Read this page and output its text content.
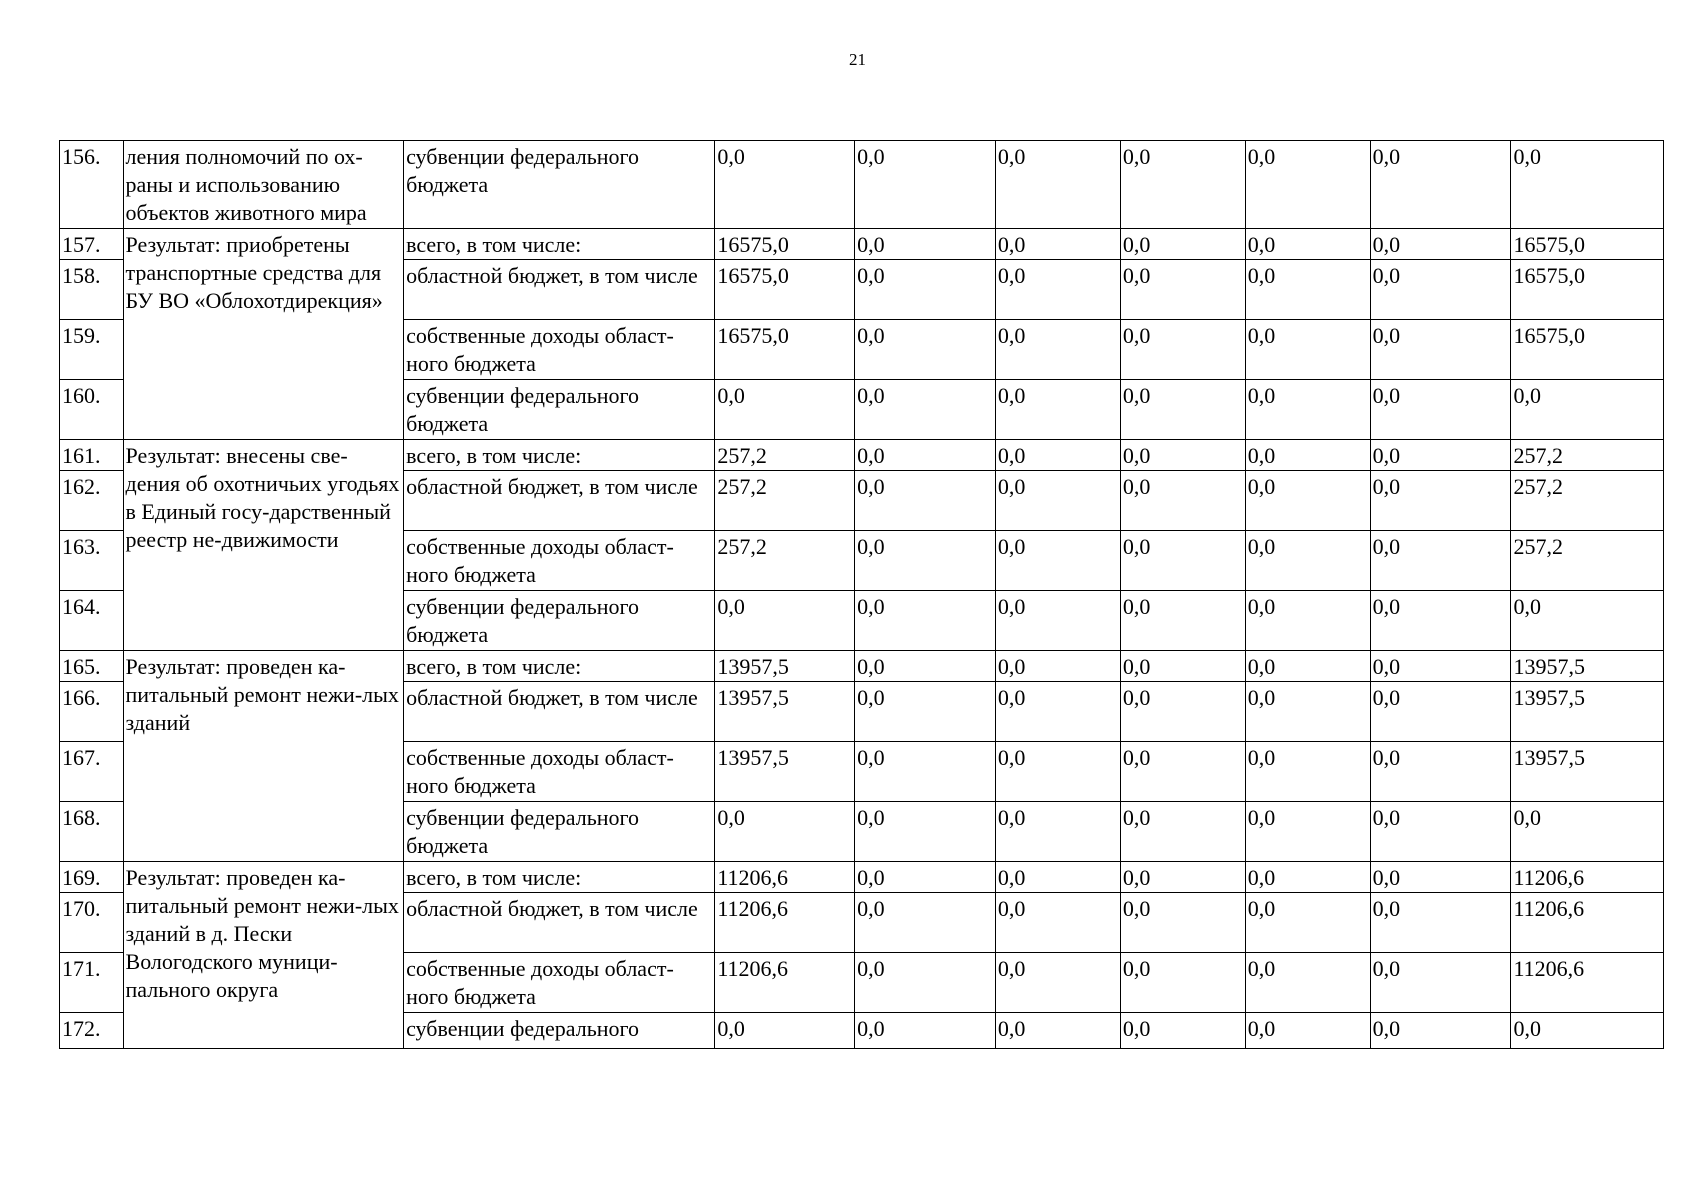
21
156.	ления полномочий по ох-раны и использованию объектов животного мира	субвенции федерального бюджета	0,0	0,0	0,0	0,0	0,0	0,0	0,0
157.	Результат: приобретены транспортные средства для БУ ВО «Облохотдирекция»	всего, в том числе:	16575,0	0,0	0,0	0,0	0,0	0,0	16575,0
158.		областной бюджет, в том числе	16575,0	0,0	0,0	0,0	0,0	0,0	16575,0
159.		собственные доходы област-ного бюджета	16575,0	0,0	0,0	0,0	0,0	0,0	16575,0
160.		субвенции федерального бюджета	0,0	0,0	0,0	0,0	0,0	0,0	0,0
161.	Результат: внесены све-дения об охотничьих угодьях в Единый госу-дарственный реестр не-движимости	всего, в том числе:	257,2	0,0	0,0	0,0	0,0	0,0	257,2
162.		областной бюджет, в том числе	257,2	0,0	0,0	0,0	0,0	0,0	257,2
163.		собственные доходы област-ного бюджета	257,2	0,0	0,0	0,0	0,0	0,0	257,2
164.		субвенции федерального бюджета	0,0	0,0	0,0	0,0	0,0	0,0	0,0
165.	Результат: проведен ка-питальный ремонт нежи-лых зданий	всего, в том числе:	13957,5	0,0	0,0	0,0	0,0	0,0	13957,5
166.		областной бюджет, в том числе	13957,5	0,0	0,0	0,0	0,0	0,0	13957,5
167.		собственные доходы област-ного бюджета	13957,5	0,0	0,0	0,0	0,0	0,0	13957,5
168.		субвенции федерального бюджета	0,0	0,0	0,0	0,0	0,0	0,0	0,0
169.	Результат: проведен ка-питальный ремонт нежи-лых зданий в д. Пески Вологодского муници-пального округа	всего, в том числе:	11206,6	0,0	0,0	0,0	0,0	0,0	11206,6
170.		областной бюджет, в том числе	11206,6	0,0	0,0	0,0	0,0	0,0	11206,6
171.		собственные доходы област-ного бюджета	11206,6	0,0	0,0	0,0	0,0	0,0	11206,6
172.		субвенции федерального	0,0	0,0	0,0	0,0	0,0	0,0	0,0
